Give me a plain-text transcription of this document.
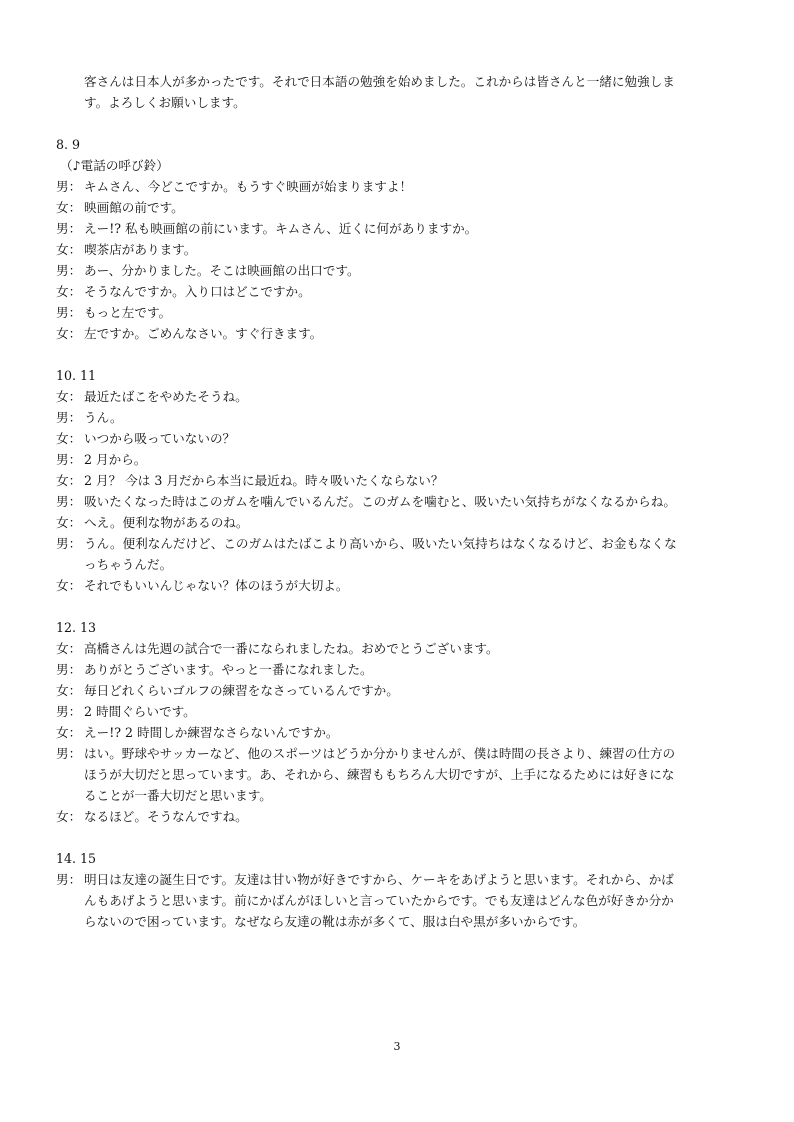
客さんは日本人が多かったです。それで日本語の勉強を始めました。これからは皆さんと一緒に勉強しま

す。よろしくお願いします。

8. 9

（♪電話の呼び鈴）

男： キムさん、今どこですか。もうすぐ映画が始まりますよ！
女： 映画館の前です。
男： えー!? 私も映画館の前にいます。キムさん、近くに何がありますか。
女： 喫茶店があります。
男： あー、分かりました。そこは映画館の出口です。
女： そうなんですか。入り口はどこですか。
男： もっと左です。
女： 左ですか。ごめんなさい。すぐ行きます。

10. 11

女： 最近たばこをやめたそうね。
男： うん。
女： いつから吸っていないの？
男： 2 月から。
女： 2 月？ 今は 3 月だから本当に最近ね。時々吸いたくならない？
男： 吸いたくなった時はこのガムを噛んでいるんだ。このガムを噛むと、吸いたい気持ちがなくなるからね。
女： へえ。便利な物があるのね。
男： うん。便利なんだけど、このガムはたばこより高いから、吸いたい気持ちはなくなるけど、お金もなくな
っちゃうんだ。
女： それでもいいんじゃない？体のほうが大切よ。

12. 13

女： 高橋さんは先週の試合で一番になられましたね。おめでとうございます。
男： ありがとうございます。やっと一番になれました。
女： 毎日どれくらいゴルフの練習をなさっているんですか。
男： 2 時間ぐらいです。
女： えー!? 2 時間しか練習なさらないんですか。
男： はい。野球やサッカーなど、他のスポーツはどうか分かりませんが、僕は時間の長さより、練習の仕方の
ほうが大切だと思っています。あ、それから、練習ももちろん大切ですが、上手になるためには好きにな
ることが一番大切だと思います。
女： なるほど。そうなんですね。

14. 15

男： 明日は友達の誕生日です。友達は甘い物が好きですから、ケーキをあげようと思います。それから、かば
んもあげようと思います。前にかばんがほしいと言っていたからです。でも友達はどんな色が好きか分か
らないので困っています。なぜなら友達の靴は赤が多くて、服は白や黒が多いからです。
3
